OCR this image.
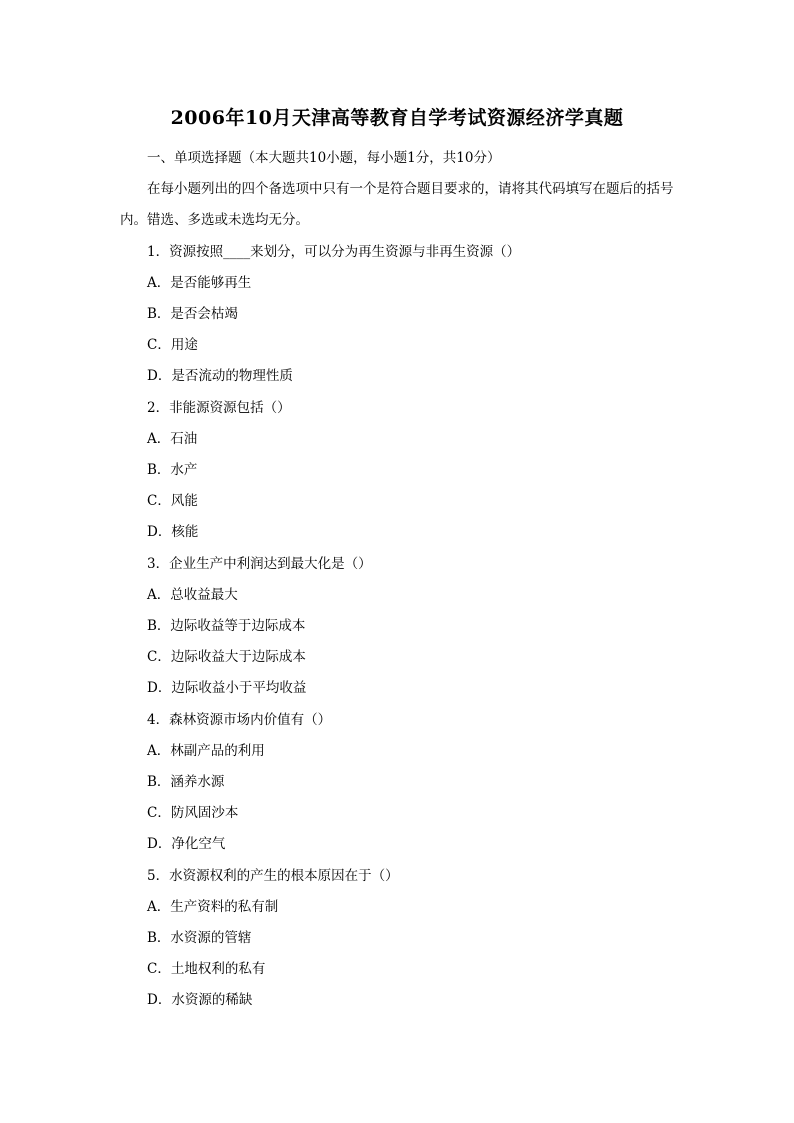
2006年10月天津高等教育自学考试资源经济学真题
一、单项选择题（本大题共10小题，每小题1分，共10分）
在每小题列出的四个备选项中只有一个是符合题目要求的，请将其代码填写在题后的括号内。错选、多选或未选均无分。
1．资源按照____来划分，可以分为再生资源与非再生资源（）
A．是否能够再生
B．是否会枯竭
C．用途
D．是否流动的物理性质
2．非能源资源包括（）
A．石油
B．水产
C．风能
D．核能
3．企业生产中利润达到最大化是（）
A．总收益最大
B．边际收益等于边际成本
C．边际收益大于边际成本
D．边际收益小于平均收益
4．森林资源市场内价值有（）
A．林副产品的利用
B．涵养水源
C．防风固沙本
D．净化空气
5．水资源权利的产生的根本原因在于（）
A．生产资料的私有制
B．水资源的管辖
C．土地权利的私有
D．水资源的稀缺
